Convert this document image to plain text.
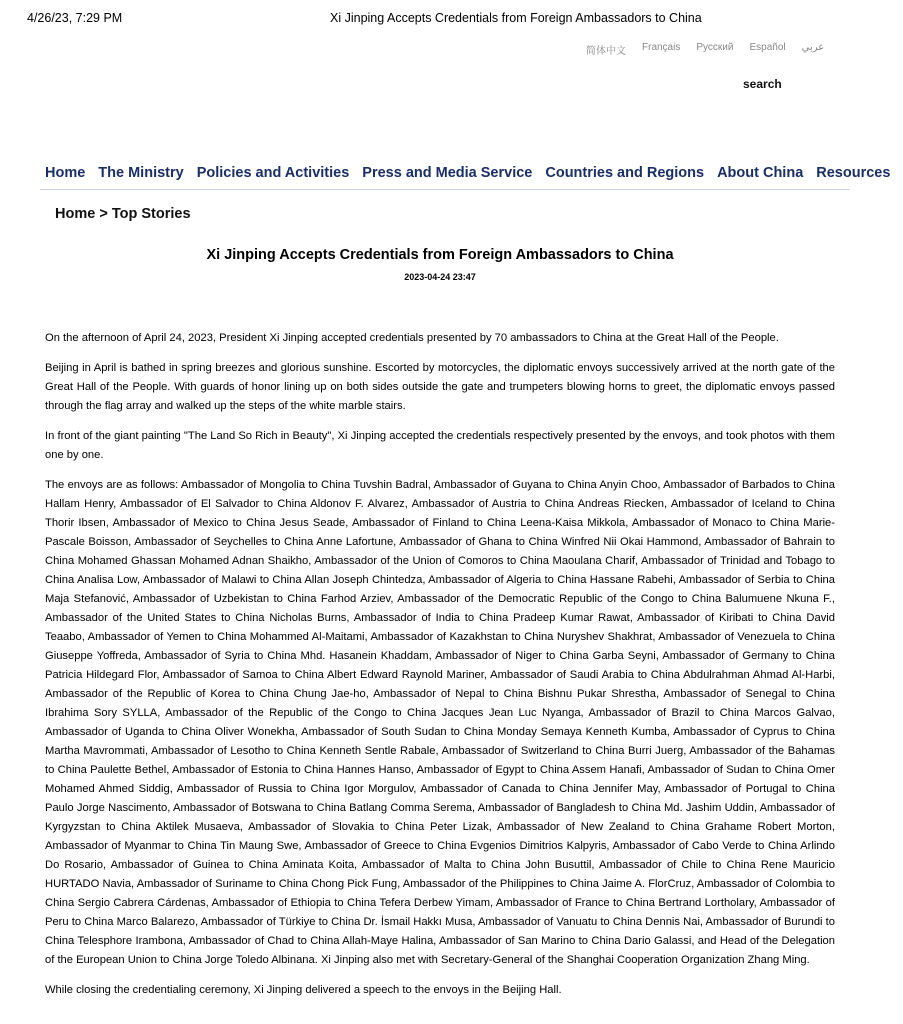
4/26/23, 7:29 PM	Xi Jinping Accepts Credentials from Foreign Ambassadors to China
简体中文 Français Русский Español عربي
search
Home The Ministry Policies and Activities Press and Media Service Countries and Regions About China Resources
Home > Top Stories
Xi Jinping Accepts Credentials from Foreign Ambassadors to China
2023-04-24 23:47

On the afternoon of April 24, 2023, President Xi Jinping accepted credentials presented by 70 ambassadors to China at the Great Hall of the People.

Beijing in April is bathed in spring breezes and glorious sunshine. Escorted by motorcycles, the diplomatic envoys successively arrived at the north gate of the Great Hall of the People. With guards of honor lining up on both sides outside the gate and trumpeters blowing horns to greet, the diplomatic envoys passed through the flag array and walked up the steps of the white marble stairs.

In front of the giant painting "The Land So Rich in Beauty", Xi Jinping accepted the credentials respectively presented by the envoys, and took photos with them one by one.

The envoys are as follows: Ambassador of Mongolia to China Tuvshin Badral, Ambassador of Guyana to China Anyin Choo, Ambassador of Barbados to China Hallam Henry, Ambassador of El Salvador to China Aldonov F. Alvarez, Ambassador of Austria to China Andreas Riecken, Ambassador of Iceland to China Thorir Ibsen, Ambassador of Mexico to China Jesus Seade, Ambassador of Finland to China Leena-Kaisa Mikkola, Ambassador of Monaco to China Marie-Pascale Boisson, Ambassador of Seychelles to China Anne Lafortune, Ambassador of Ghana to China Winfred Nii Okai Hammond, Ambassador of Bahrain to China Mohamed Ghassan Mohamed Adnan Shaikho, Ambassador of the Union of Comoros to China Maoulana Charif, Ambassador of Trinidad and Tobago to China Analisa Low, Ambassador of Malawi to China Allan Joseph Chintedza, Ambassador of Algeria to China Hassane Rabehi, Ambassador of Serbia to China Maja Stefanović, Ambassador of Uzbekistan to China Farhod Arziev, Ambassador of the Democratic Republic of the Congo to China Balumuene Nkuna F., Ambassador of the United States to China Nicholas Burns, Ambassador of India to China Pradeep Kumar Rawat, Ambassador of Kiribati to China David Teaabo, Ambassador of Yemen to China Mohammed Al-Maitami, Ambassador of Kazakhstan to China Nuryshev Shakhrat, Ambassador of Venezuela to China Giuseppe Yoffreda, Ambassador of Syria to China Mhd. Hasanein Khaddam, Ambassador of Niger to China Garba Seyni, Ambassador of Germany to China Patricia Hildegard Flor, Ambassador of Samoa to China Albert Edward Raynold Mariner, Ambassador of Saudi Arabia to China Abdulrahman Ahmad Al-Harbi, Ambassador of the Republic of Korea to China Chung Jae-ho, Ambassador of Nepal to China Bishnu Pukar Shrestha, Ambassador of Senegal to China Ibrahima Sory SYLLA, Ambassador of the Republic of the Congo to China Jacques Jean Luc Nyanga, Ambassador of Brazil to China Marcos Galvao, Ambassador of Uganda to China Oliver Wonekha, Ambassador of South Sudan to China Monday Semaya Kenneth Kumba, Ambassador of Cyprus to China Martha Mavrommati, Ambassador of Lesotho to China Kenneth Sentle Rabale, Ambassador of Switzerland to China Burri Juerg, Ambassador of the Bahamas to China Paulette Bethel, Ambassador of Estonia to China Hannes Hanso, Ambassador of Egypt to China Assem Hanafi, Ambassador of Sudan to China Omer Mohamed Ahmed Siddig, Ambassador of Russia to China Igor Morgulov, Ambassador of Canada to China Jennifer May, Ambassador of Portugal to China Paulo Jorge Nascimento, Ambassador of Botswana to China Batlang Comma Serema, Ambassador of Bangladesh to China Md. Jashim Uddin, Ambassador of Kyrgyzstan to China Aktilek Musaeva, Ambassador of Slovakia to China Peter Lizak, Ambassador of New Zealand to China Grahame Robert Morton, Ambassador of Myanmar to China Tin Maung Swe, Ambassador of Greece to China Evgenios Dimitrios Kalpyris, Ambassador of Cabo Verde to China Arlindo Do Rosario, Ambassador of Guinea to China Aminata Koita, Ambassador of Malta to China John Busuttil, Ambassador of Chile to China Rene Mauricio HURTADO Navia, Ambassador of Suriname to China Chong Pick Fung, Ambassador of the Philippines to China Jaime A. FlorCruz, Ambassador of Colombia to China Sergio Cabrera Cárdenas, Ambassador of Ethiopia to China Tefera Derbew Yimam, Ambassador of France to China Bertrand Lortholary, Ambassador of Peru to China Marco Balarezo, Ambassador of Türkiye to China Dr. İsmail Hakkı Musa, Ambassador of Vanuatu to China Dennis Nai, Ambassador of Burundi to China Telesphore Irambona, Ambassador of Chad to China Allah-Maye Halina, Ambassador of San Marino to China Dario Galassi, and Head of the Delegation of the European Union to China Jorge Toledo Albinana. Xi Jinping also met with Secretary-General of the Shanghai Cooperation Organization Zhang Ming.

While closing the credentialing ceremony, Xi Jinping delivered a speech to the envoys in the Beijing Hall.
